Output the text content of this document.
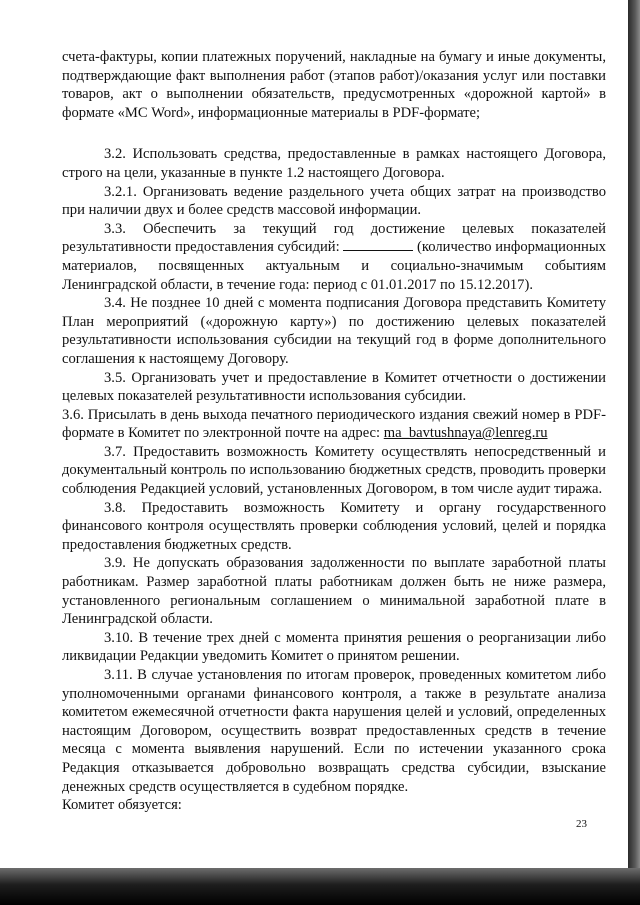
счета-фактуры, копии платежных поручений, накладные на бумагу и иные документы, подтверждающие факт выполнения работ (этапов работ)/оказания услуг или поставки товаров, акт о выполнении обязательств, предусмотренных «дорожной картой» в формате «МС Word», информационные материалы в PDF-формате;

3.2. Использовать средства, предоставленные в рамках настоящего Договора, строго на цели, указанные в пункте 1.2 настоящего Договора.

3.2.1. Организовать ведение раздельного учета общих затрат на производство при наличии двух и более средств массовой информации.

3.3. Обеспечить за текущий год достижение целевых показателей результативности предоставления субсидий:	(количество информационных материалов, посвященных актуальным и социально-значимым событиям Ленинградской области, в течение года: период с 01.01.2017 по 15.12.2017).

3.4. Не позднее 10 дней с момента подписания Договора представить Комитету План мероприятий («дорожную карту») по достижению целевых показателей результативности использования субсидии на текущий год в форме дополнительного соглашения к настоящему Договору.

3.5. Организовать учет и предоставление в Комитет отчетности о достижении целевых показателей результативности использования субсидии.

3.6. Присылать в день выхода печатного периодического издания свежий номер в PDF-формате в Комитет по электронной почте на адрес: ma_bavtushnaya@lenreg.ru

3.7. Предоставить возможность Комитету осуществлять непосредственный и документальный контроль по использованию бюджетных средств, проводить проверки соблюдения Редакцией условий, установленных Договором, в том числе аудит тиража.

3.8. Предоставить возможность Комитету и органу государственного финансового контроля осуществлять проверки соблюдения условий, целей и порядка предоставления бюджетных средств.

3.9. Не допускать образования задолженности по выплате заработной платы работникам. Размер заработной платы работникам должен быть не ниже размера, установленного региональным соглашением о минимальной заработной плате в Ленинградской области.

3.10. В течение трех дней с момента принятия решения о реорганизации либо ликвидации Редакции уведомить Комитет о принятом решении.

3.11. В случае установления по итогам проверок, проведенных комитетом либо уполномоченными органами финансового контроля, а также в результате анализа комитетом ежемесячной отчетности факта нарушения целей и условий, определенных настоящим Договором, осуществить возврат предоставленных средств в течение месяца с момента выявления нарушений. Если по истечении указанного срока Редакция отказывается добровольно возвращать средства субсидии, взыскание денежных средств осуществляется в судебном порядке.

Комитет обязуется:

23
